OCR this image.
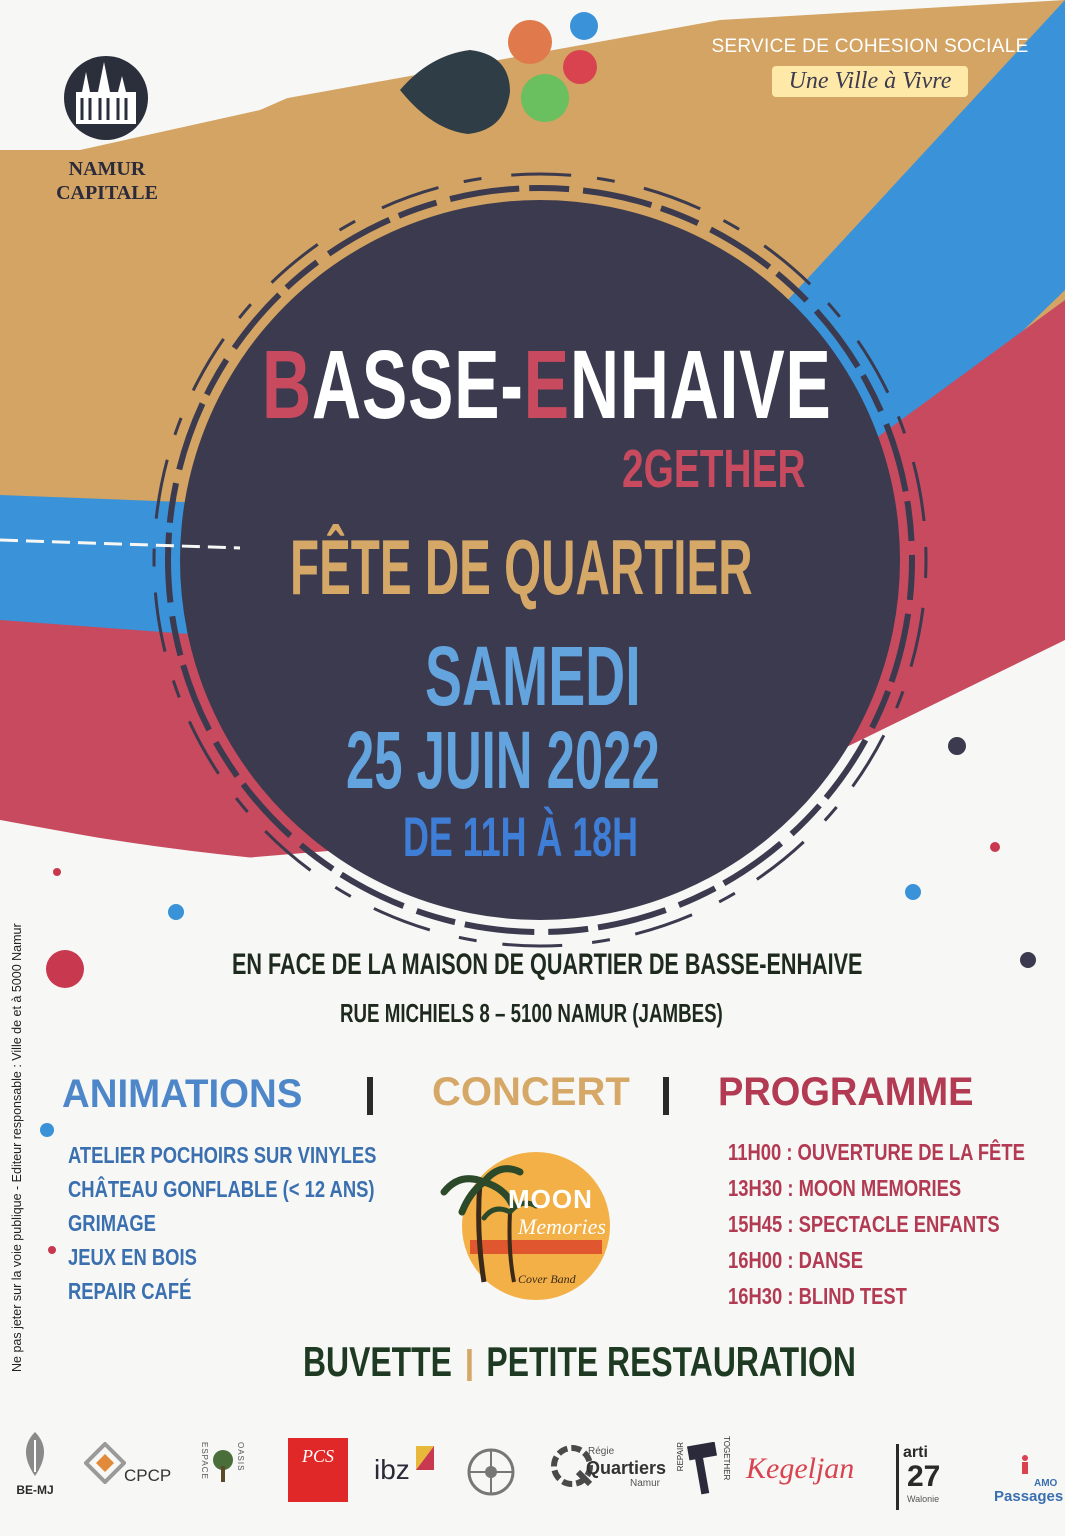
NAMUR
CAPITALE
SERVICE DE COHESION SOCIALE
Une Ville à Vivre
BASSE-ENHAIVE
2GETHER
FÊTE DE QUARTIER
SAMEDI
25 JUIN 2022
DE 11H À 18H
EN FACE DE LA MAISON DE QUARTIER DE BASSE-ENHAIVE
RUE MICHIELS 8 – 5100 NAMUR (JAMBES)
ANIMATIONS	CONCERT PROGRAMME
ATELIER POCHOIRS SUR VINYLES
CHÂTEAU GONFLABLE (< 12 ANS)
GRIMAGE
JEUX EN BOIS
REPAIR CAFÉ
MOON
Memories
Cover Band
11H00 : OUVERTURE DE LA FÊTE
13H30 : MOON MEMORIES
15H45 : SPECTACLE ENFANTS
16H00 : DANSE
16H30 : BLIND TEST
BUVETTE PETITE RESTAURATION
Ne pas jeter sur la voie publique - Editeur responsable : Ville de et à 5000 Namur
BE-MJ
CPCP	ESPACE	OASIS	PCS	ibz
Régie
Quartiers
Namur
REPAIR	TOGETHER Kegeljan	arti
27
Walonie
AMO
Passages
